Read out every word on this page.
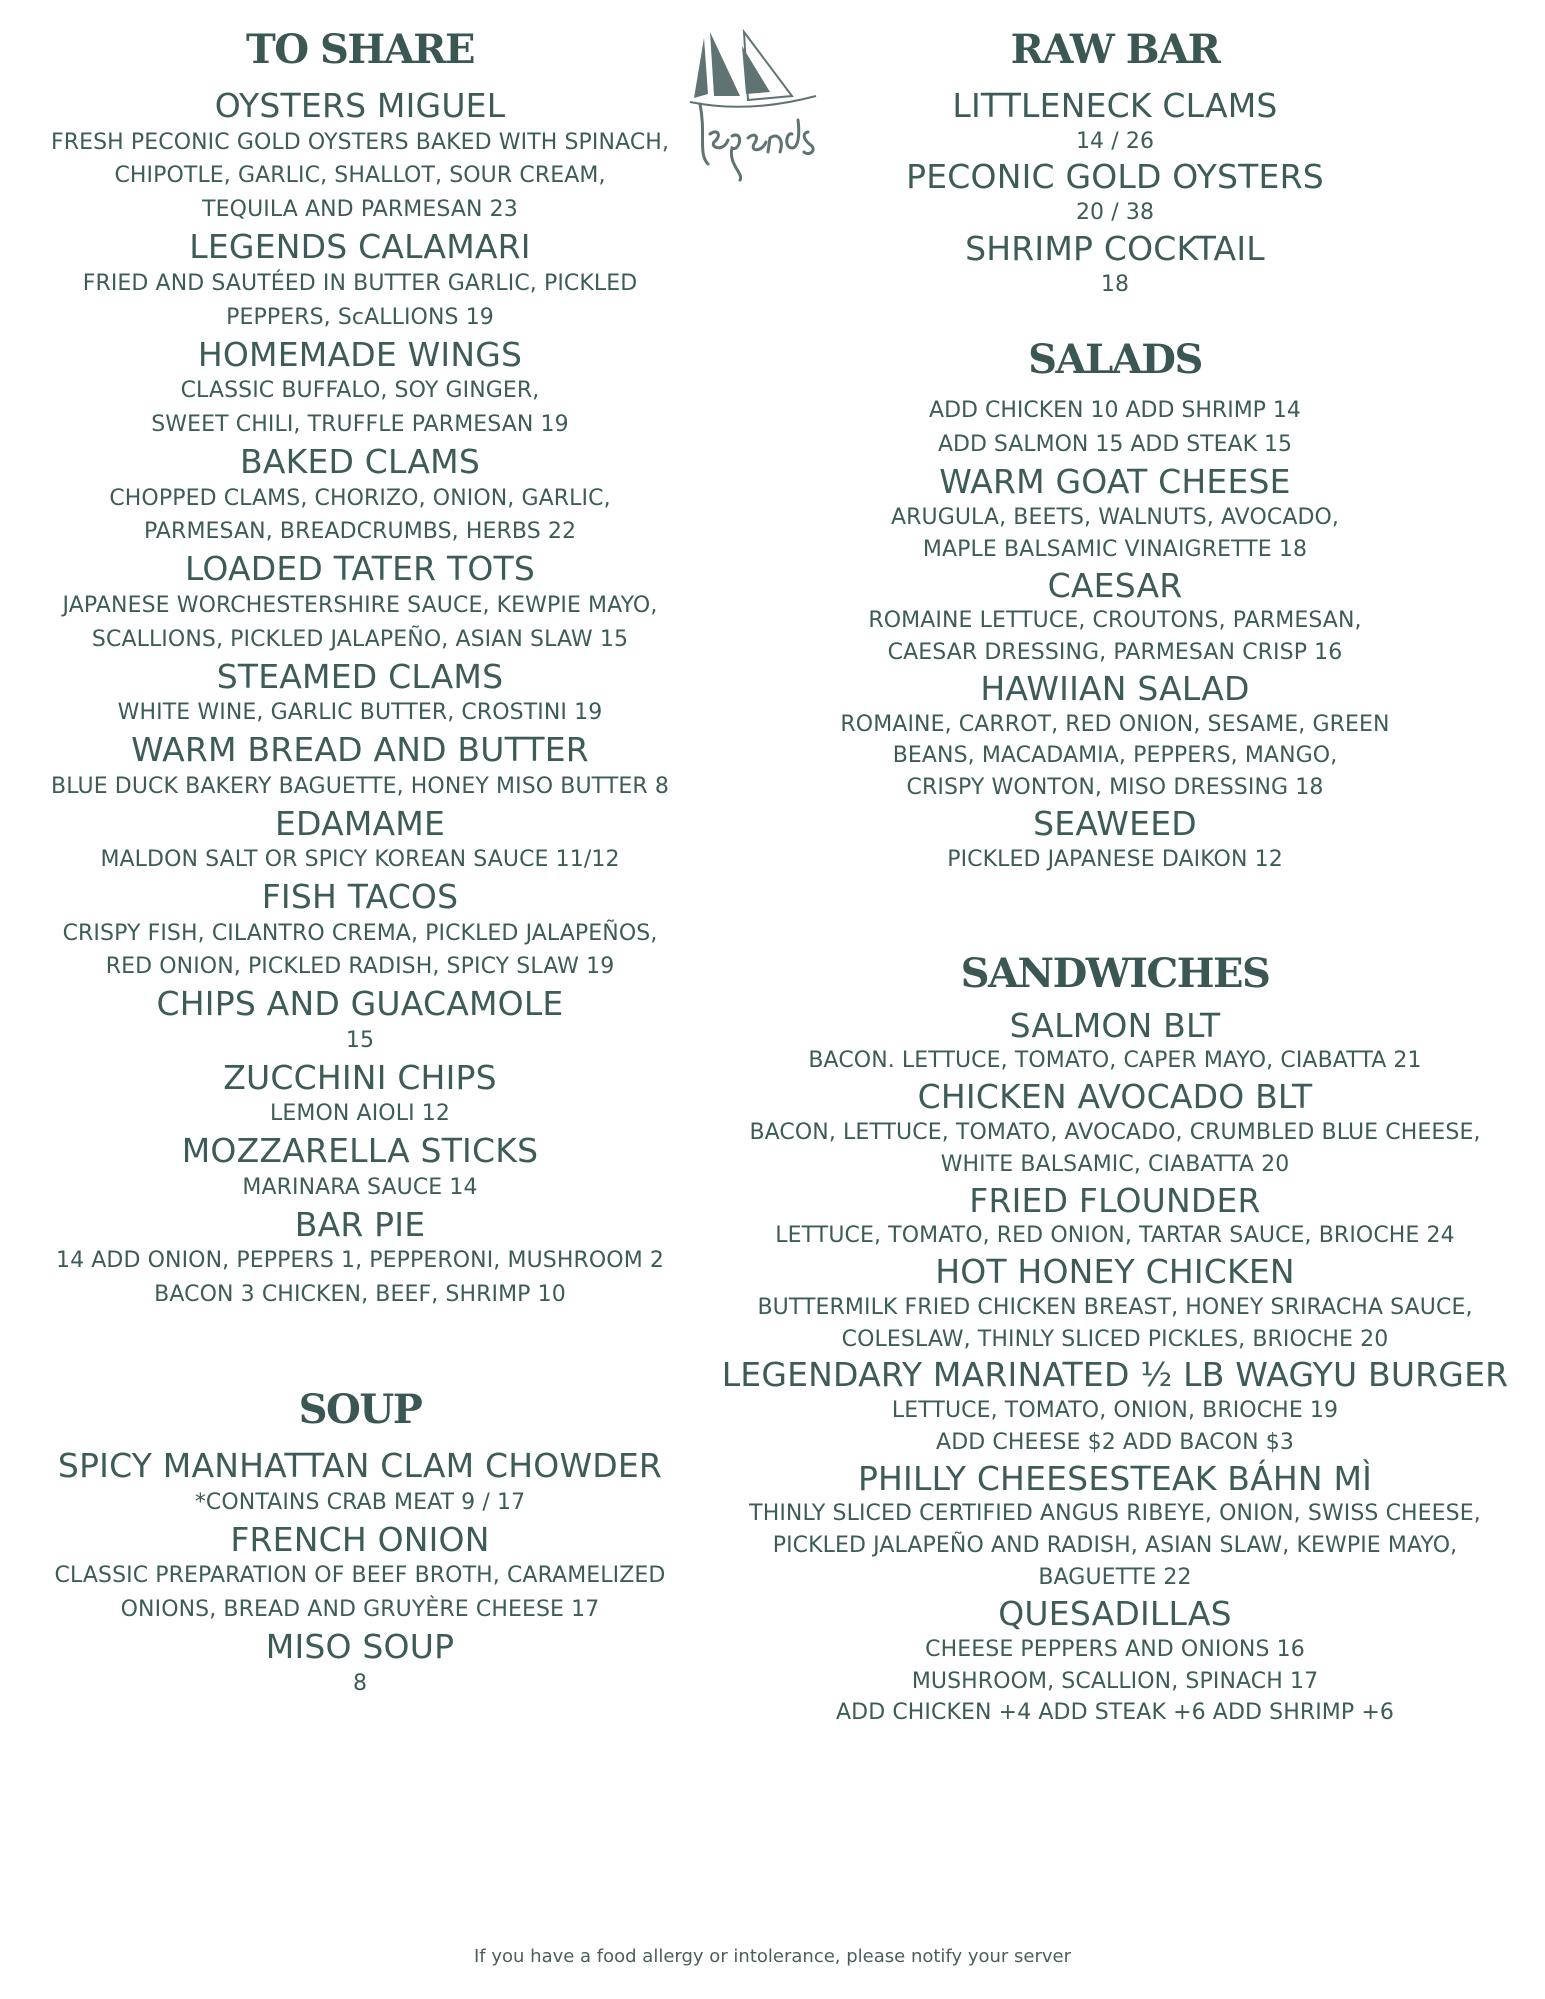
TO SHARE
OYSTERS MIGUEL
FRESH PECONIC GOLD OYSTERS BAKED WITH SPINACH,
CHIPOTLE, GARLIC, SHALLOT, SOUR CREAM,
TEQUILA AND PARMESAN 23
LEGENDS CALAMARI
FRIED AND SAUTÉED IN BUTTER GARLIC, PICKLED
PEPPERS, ScALLIONS 19
HOMEMADE WINGS
CLASSIC BUFFALO, SOY GINGER,
SWEET CHILI, TRUFFLE PARMESAN 19
BAKED CLAMS
CHOPPED CLAMS, CHORIZO, ONION, GARLIC,
PARMESAN, BREADCRUMBS, HERBS 22
LOADED TATER TOTS
JAPANESE WORCHESTERSHIRE SAUCE, KEWPIE MAYO,
SCALLIONS, PICKLED JALAPEÑO, ASIAN SLAW 15
STEAMED CLAMS
WHITE WINE, GARLIC BUTTER, CROSTINI 19
WARM BREAD AND BUTTER
BLUE DUCK BAKERY BAGUETTE, HONEY MISO BUTTER 8
EDAMAME
MALDON SALT OR SPICY KOREAN SAUCE 11/12
FISH TACOS
CRISPY FISH, CILANTRO CREMA, PICKLED JALAPEÑOS,
RED ONION, PICKLED RADISH, SPICY SLAW 19
CHIPS AND GUACAMOLE
15
ZUCCHINI CHIPS
LEMON AIOLI 12
MOZZARELLA STICKS
MARINARA SAUCE 14
BAR PIE
14 ADD ONION, PEPPERS 1, PEPPERONI, MUSHROOM 2
BACON 3 CHICKEN, BEEF, SHRIMP 10
SOUP
SPICY MANHATTAN CLAM CHOWDER
*CONTAINS CRAB MEAT 9 / 17
FRENCH ONION
CLASSIC PREPARATION OF BEEF BROTH, CARAMELIZED
ONIONS, BREAD AND GRUYÈRE CHEESE 17
MISO SOUP
8
RAW BAR
LITTLENECK CLAMS
14 / 26
PECONIC GOLD OYSTERS
20 / 38
SHRIMP COCKTAIL
18
SALADS
ADD CHICKEN 10 ADD SHRIMP 14
ADD SALMON 15 ADD STEAK 15
WARM GOAT CHEESE
ARUGULA, BEETS, WALNUTS, AVOCADO,
MAPLE BALSAMIC VINAIGRETTE 18
CAESAR
ROMAINE LETTUCE, CROUTONS, PARMESAN,
CAESAR DRESSING, PARMESAN CRISP 16
HAWIIAN SALAD
ROMAINE, CARROT, RED ONION, SESAME, GREEN
BEANS, MACADAMIA, PEPPERS, MANGO,
CRISPY WONTON, MISO DRESSING 18
SEAWEED
PICKLED JAPANESE DAIKON 12
SANDWICHES
SALMON BLT
BACON. LETTUCE, TOMATO, CAPER MAYO, CIABATTA 21
CHICKEN AVOCADO BLT
BACON, LETTUCE, TOMATO, AVOCADO, CRUMBLED BLUE CHEESE,
WHITE BALSAMIC, CIABATTA 20
FRIED FLOUNDER
LETTUCE, TOMATO, RED ONION, TARTAR SAUCE, BRIOCHE 24
HOT HONEY CHICKEN
BUTTERMILK FRIED CHICKEN BREAST, HONEY SRIRACHA SAUCE,
COLESLAW, THINLY SLICED PICKLES, BRIOCHE 20
LEGENDARY MARINATED ½ LB WAGYU BURGER
LETTUCE, TOMATO, ONION, BRIOCHE 19
ADD CHEESE $2 ADD BACON $3
PHILLY CHEESESTEAK BÁHN MÌ
THINLY SLICED CERTIFIED ANGUS RIBEYE, ONION, SWISS CHEESE,
PICKLED JALAPEÑO AND RADISH, ASIAN SLAW, KEWPIE MAYO,
BAGUETTE 22
QUESADILLAS
CHEESE PEPPERS AND ONIONS 16
MUSHROOM, SCALLION, SPINACH 17
ADD CHICKEN +4 ADD STEAK +6 ADD SHRIMP +6
If you have a food allergy or intolerance, please notify your server
